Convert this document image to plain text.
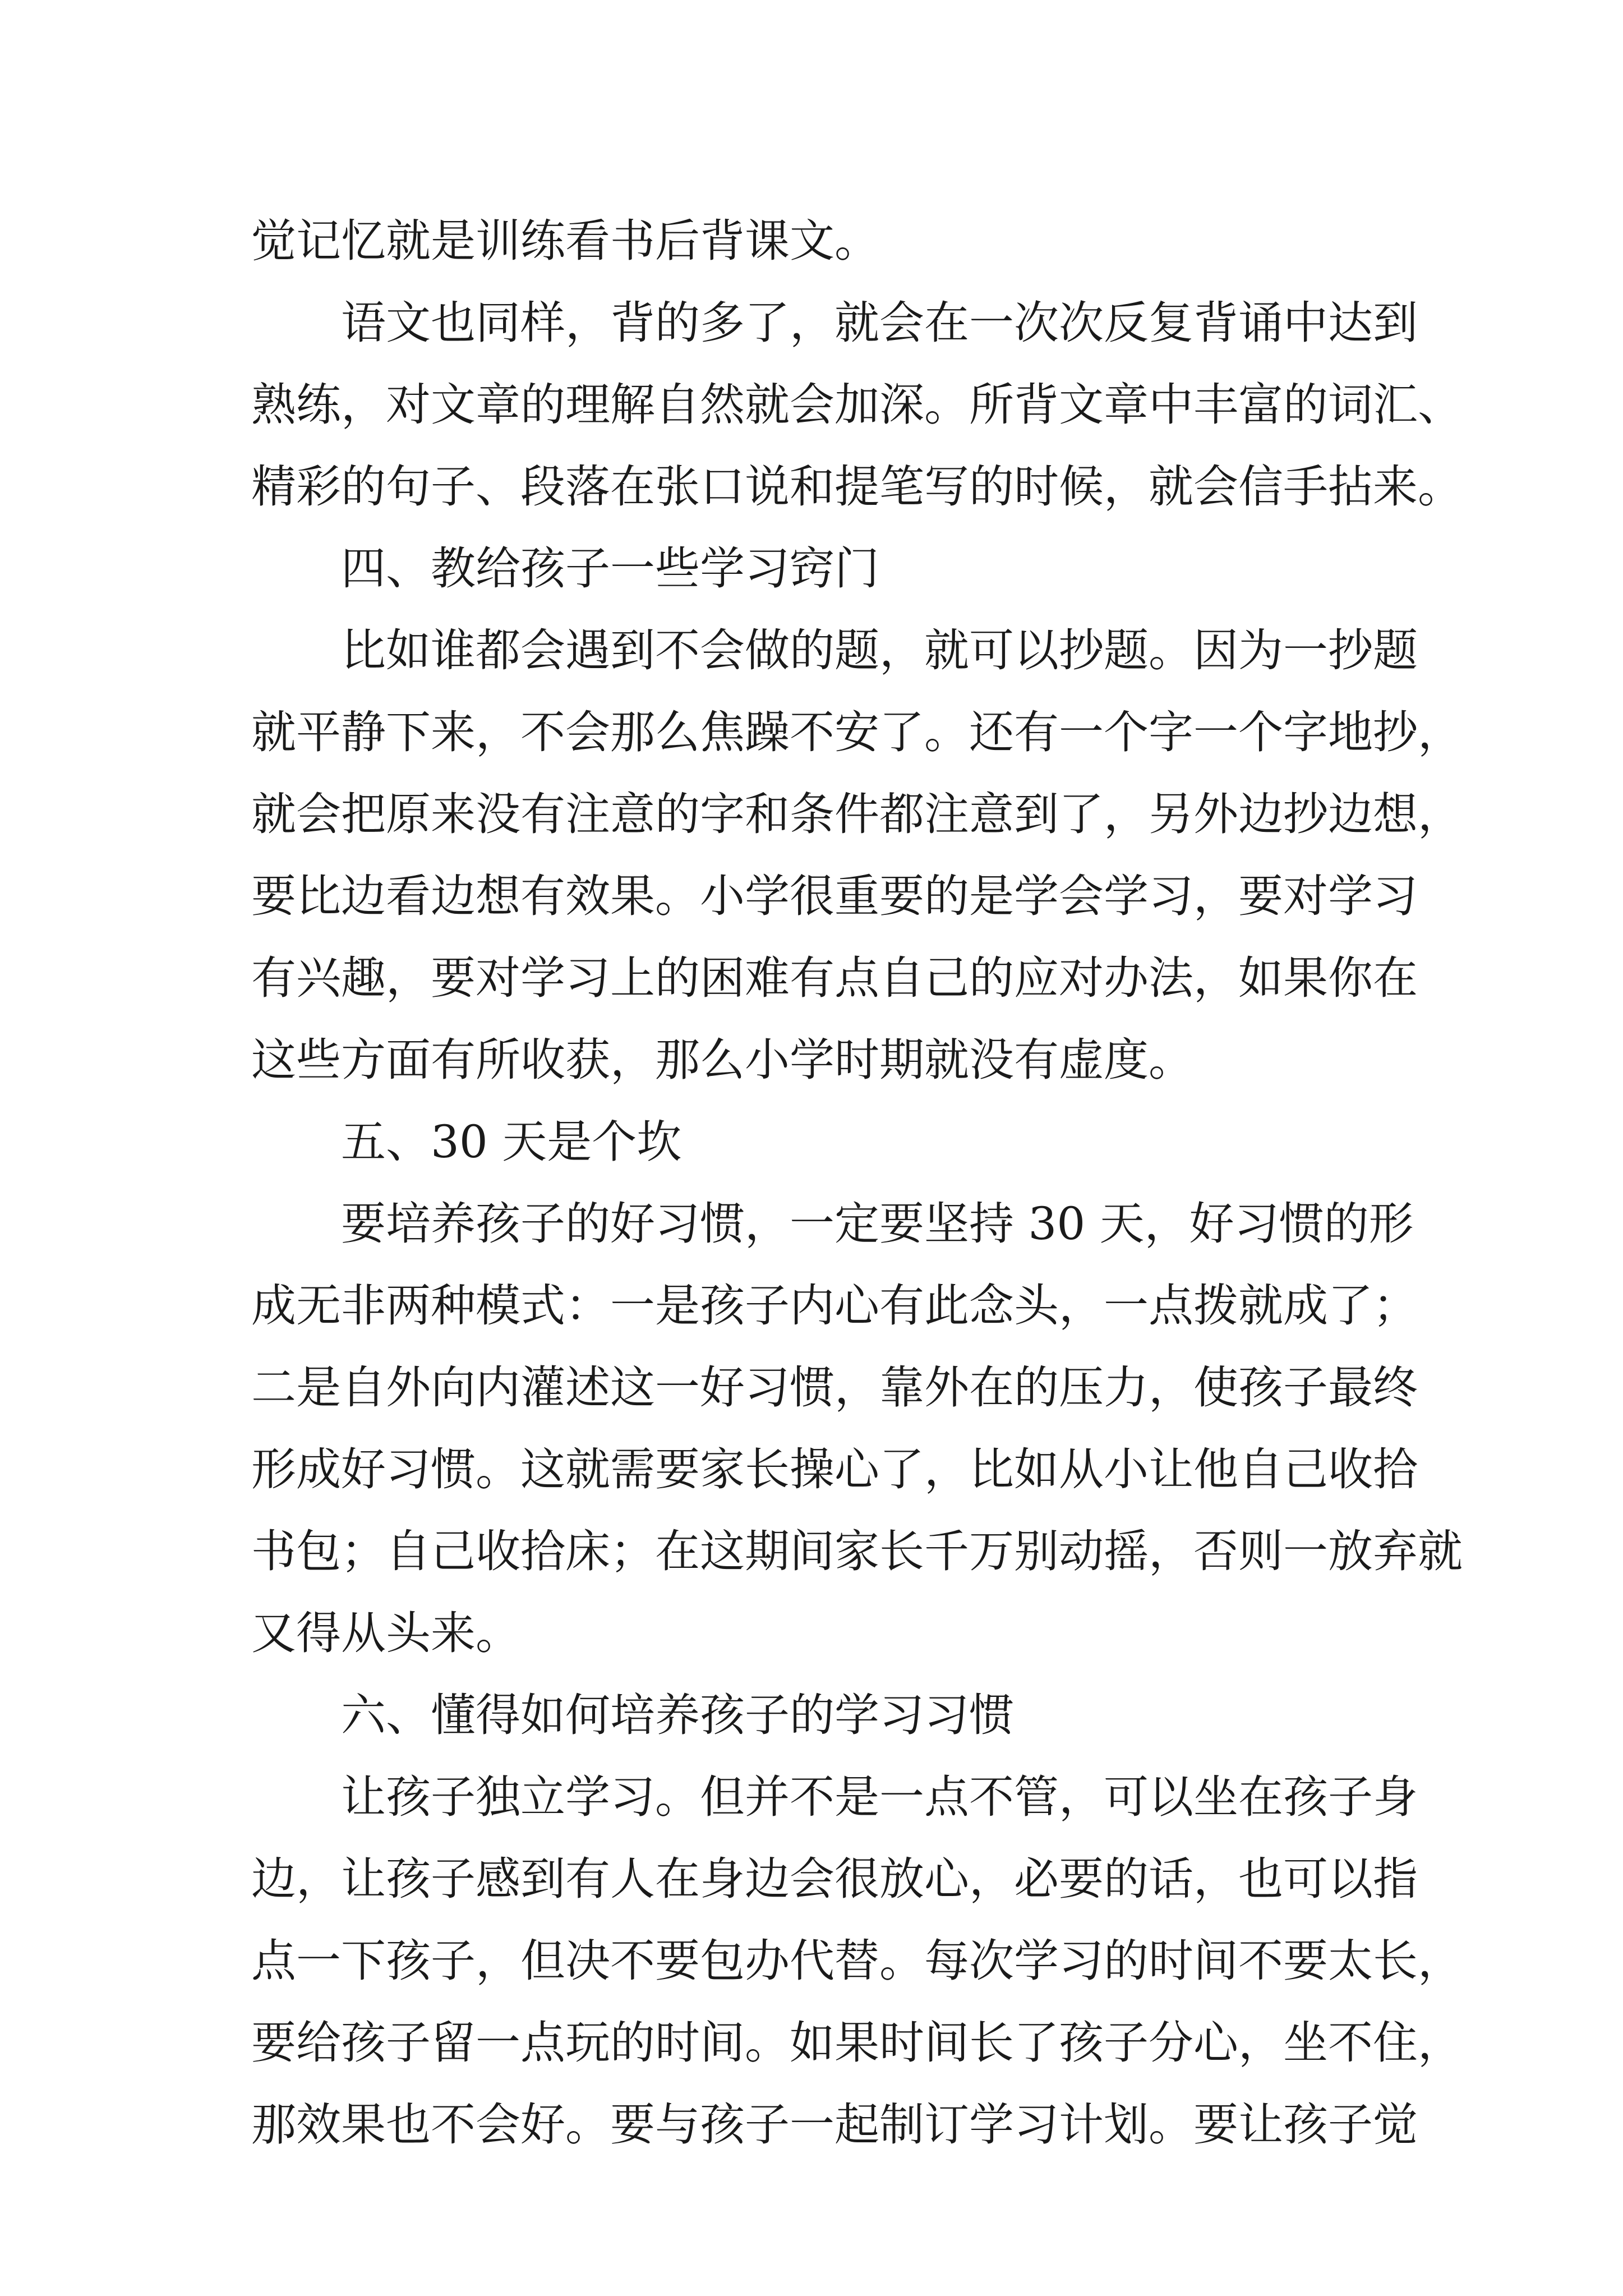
觉记忆就是训练看书后背课文。
语文也同样，背的多了，就会在一次次反复背诵中达到
熟练，对文章的理解自然就会加深。所背文章中丰富的词汇、
精彩的句子、段落在张口说和提笔写的时候，就会信手拈来。
四、教给孩子一些学习窍门
比如谁都会遇到不会做的题，就可以抄题。因为一抄题
就平静下来，不会那么焦躁不安了。还有一个字一个字地抄，
就会把原来没有注意的字和条件都注意到了，另外边抄边想，
要比边看边想有效果。小学很重要的是学会学习，要对学习
有兴趣，要对学习上的困难有点自己的应对办法，如果你在
这些方面有所收获，那么小学时期就没有虚度。
五、30 天是个坎
要培养孩子的好习惯，一定要坚持 30 天，好习惯的形
成无非两种模式：一是孩子内心有此念头，一点拨就成了；
二是自外向内灌述这一好习惯，靠外在的压力，使孩子最终
形成好习惯。这就需要家长操心了，比如从小让他自己收拾
书包；自己收拾床；在这期间家长千万别动摇，否则一放弃就
又得从头来。
六、懂得如何培养孩子的学习习惯
让孩子独立学习。但并不是一点不管，可以坐在孩子身
边，让孩子感到有人在身边会很放心，必要的话，也可以指
点一下孩子，但决不要包办代替。每次学习的时间不要太长，
要给孩子留一点玩的时间。如果时间长了孩子分心，坐不住，
那效果也不会好。要与孩子一起制订学习计划。要让孩子觉
